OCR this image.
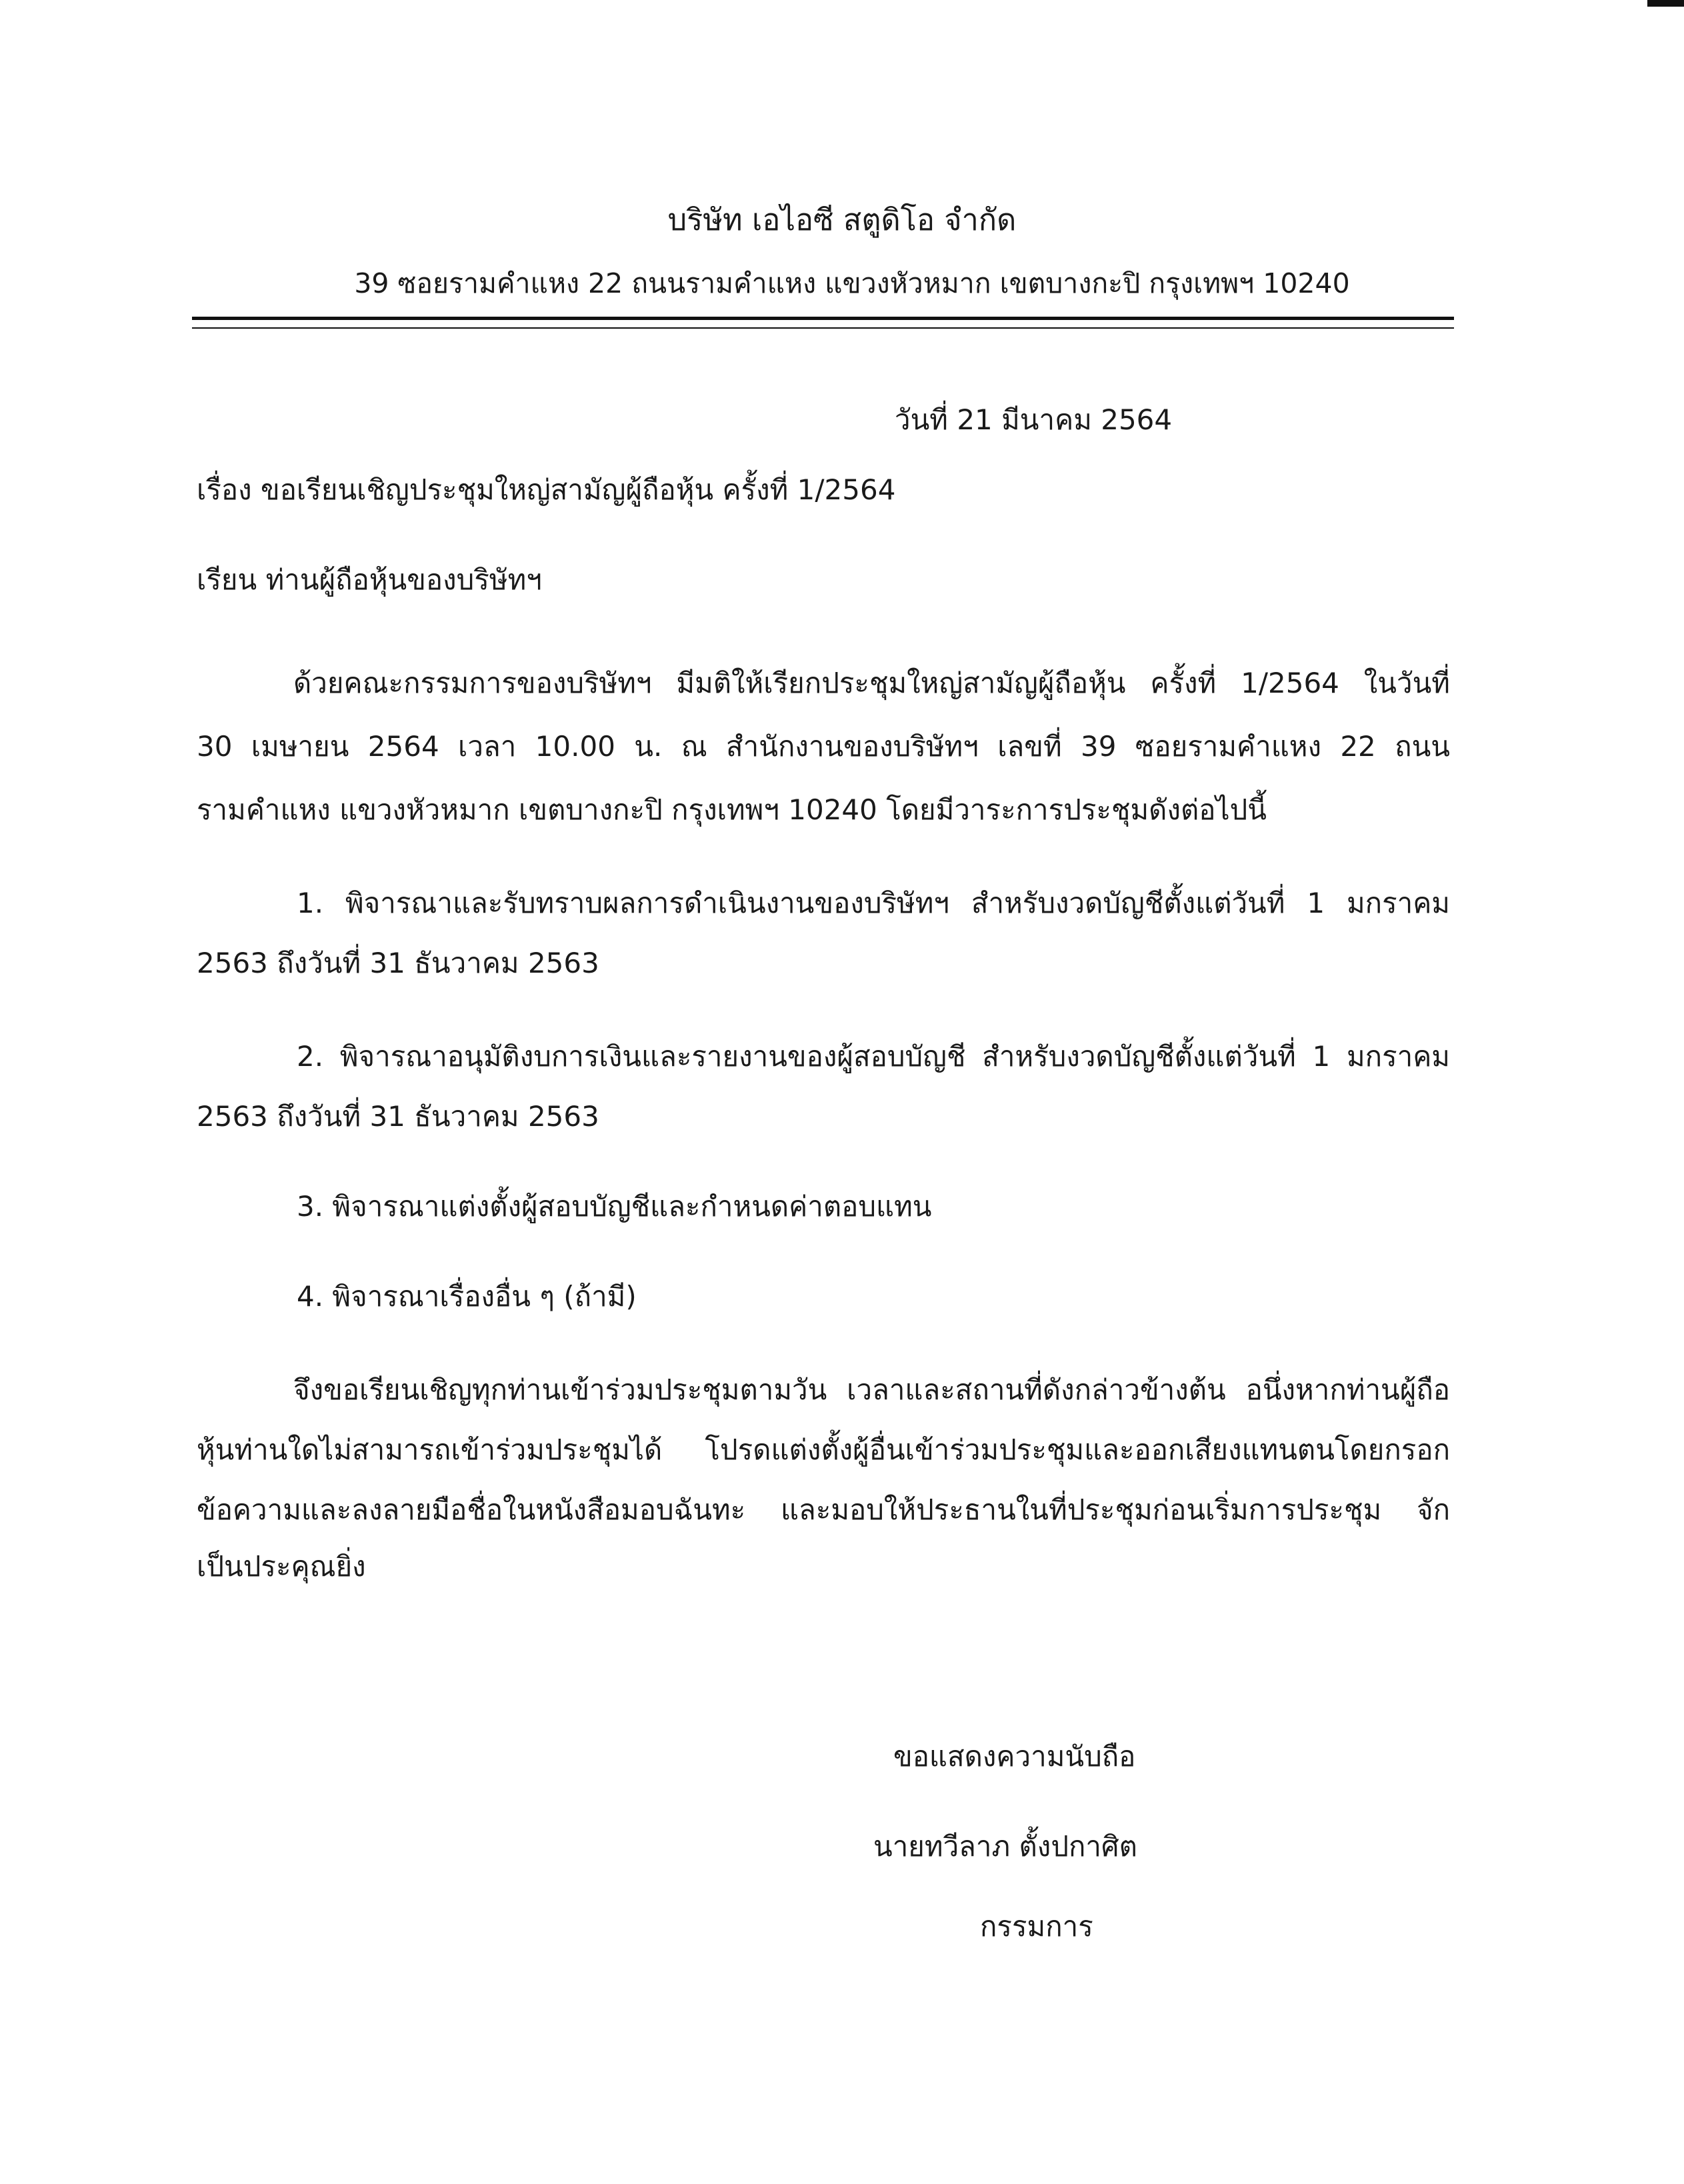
บริษัท เอไอซี สตูดิโอ จำกัด
39 ซอยรามคำแหง 22 ถนนรามคำแหง แขวงหัวหมาก เขตบางกะปิ กรุงเทพฯ 10240
วันที่ 21 มีนาคม 2564
เรื่อง ขอเรียนเชิญประชุมใหญ่สามัญผู้ถือหุ้น ครั้งที่ 1/2564
เรียน ท่านผู้ถือหุ้นของบริษัทฯ
ด้วยคณะกรรมการของบริษัทฯ มีมติให้เรียกประชุมใหญ่สามัญผู้ถือหุ้น ครั้งที่ 1/2564 ในวันที่
30 เมษายน 2564 เวลา 10.00 น. ณ สำนักงานของบริษัทฯ เลขที่ 39 ซอยรามคำแหง 22 ถนน
รามคำแหง แขวงหัวหมาก เขตบางกะปิ กรุงเทพฯ 10240 โดยมีวาระการประชุมดังต่อไปนี้
1. พิจารณาและรับทราบผลการดำเนินงานของบริษัทฯ สำหรับงวดบัญชีตั้งแต่วันที่ 1 มกราคม
2563 ถึงวันที่ 31 ธันวาคม 2563
2. พิจารณาอนุมัติงบการเงินและรายงานของผู้สอบบัญชี สำหรับงวดบัญชีตั้งแต่วันที่ 1 มกราคม
2563 ถึงวันที่ 31 ธันวาคม 2563
3. พิจารณาแต่งตั้งผู้สอบบัญชีและกำหนดค่าตอบแทน
4. พิจารณาเรื่องอื่น ๆ (ถ้ามี)
จึงขอเรียนเชิญทุกท่านเข้าร่วมประชุมตามวัน เวลาและสถานที่ดังกล่าวข้างต้น อนึ่งหากท่านผู้ถือ
หุ้นท่านใดไม่สามารถเข้าร่วมประชุมได้ โปรดแต่งตั้งผู้อื่นเข้าร่วมประชุมและออกเสียงแทนตนโดยกรอก
ข้อความและลงลายมือชื่อในหนังสือมอบฉันทะ และมอบให้ประธานในที่ประชุมก่อนเริ่มการประชุม จัก
เป็นประคุณยิ่ง
ขอแสดงความนับถือ
นายทวีลาภ ตั้งปกาศิต
กรรมการ
